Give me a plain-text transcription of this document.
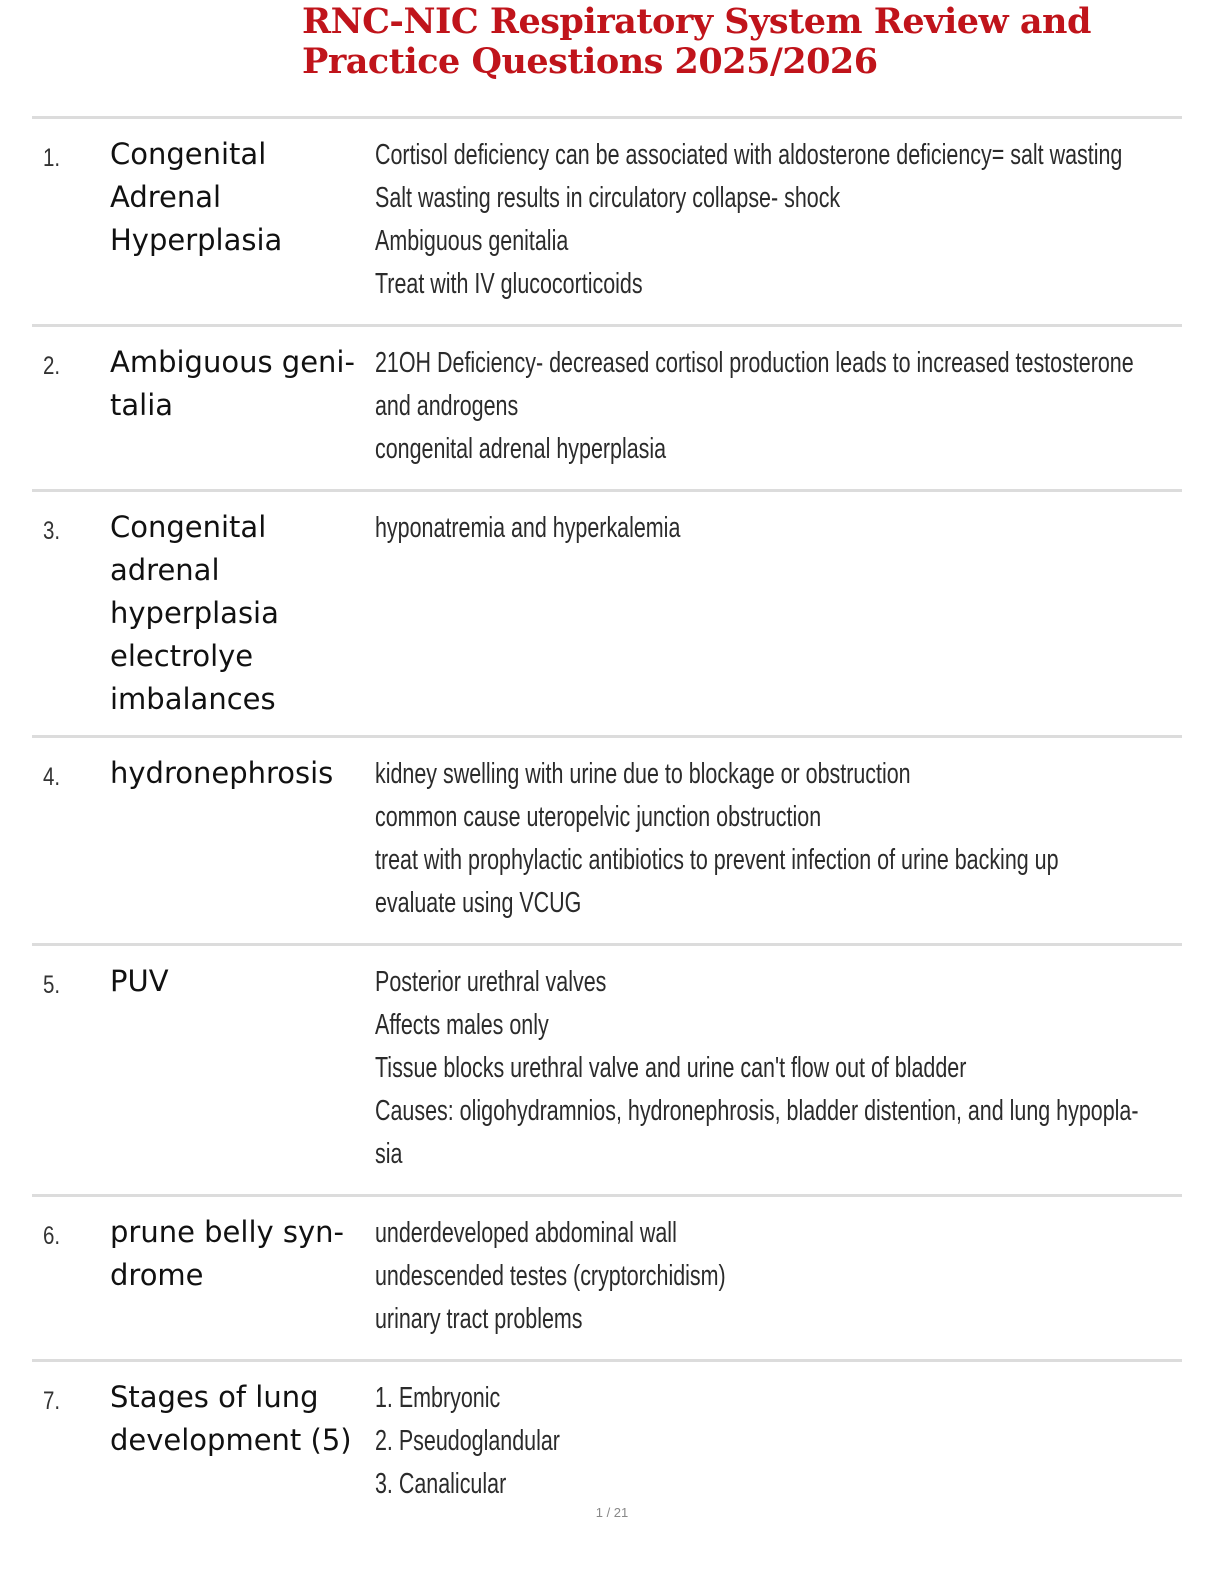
RNC-NIC Respiratory System Review and Practice Questions 2025/2026
1. Congenital Adrenal Hyperplasia
Cortisol deficiency can be associated with aldosterone deficiency= salt wasting
Salt wasting results in circulatory collapse- shock
Ambiguous genitalia
Treat with IV glucocorticoids
2. Ambiguous geni- talia
21OH Deficiency- decreased cortisol production leads to increased testosterone
and androgens
congenital adrenal hyperplasia
3. Congenital adrenal hyperplasia electrolye imbalances
hyponatremia and hyperkalemia
4. hydronephrosis	kidney swelling with urine due to blockage or obstruction
common cause uteropelvic junction obstruction
treat with prophylactic antibiotics to prevent infection of urine backing up
evaluate using VCUG
5. PUV	Posterior urethral valves
Affects males only
Tissue blocks urethral valve and urine can't flow out of bladder
Causes: oligohydramnios, hydronephrosis, bladder distention, and lung hypopla-
sia
6. prune belly syn- drome
underdeveloped abdominal wall
undescended testes (cryptorchidism)
urinary tract problems
7. Stages of lung development (5)
1. Embryonic
2. Pseudoglandular
3. Canalicular
1 / 21
